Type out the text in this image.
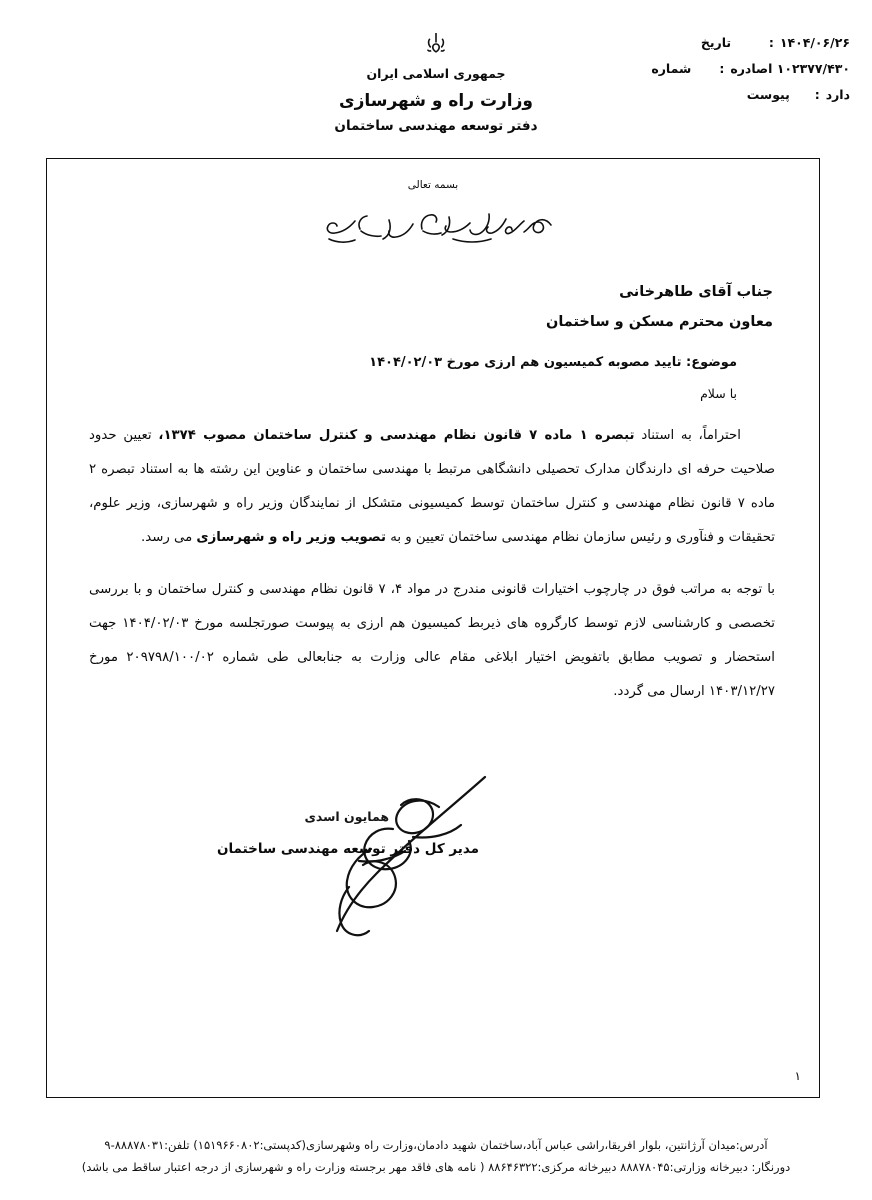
جمهوری اسلامی ایران
وزارت راه و شهرسازی
۱۴۰۴/۰۶/۲۶
:
تاریخ
۱۰۲۳۷۷/۴۳۰ اصادره
:
شماره
دارد
:
پیوست
دفتر توسعه مهندسی ساختمان
بسمه تعالی
جناب آقای طاهرخانی
معاون محترم مسکن و ساختمان
موضوع: تایید مصوبه کمیسیون هم ارزی مورخ ۱۴۰۴/۰۲/۰۳
با سلام
احتراماً، به استناد تبصره ۱ ماده ۷ قانون نظام مهندسی و کنترل ساختمان مصوب ۱۳۷۴، تعیین حدود صلاحیت حرفه ای دارندگان مدارک تحصیلی دانشگاهی مرتبط با مهندسی ساختمان و عناوین این رشته ها به استناد تبصره ۲ ماده ۷ قانون نظام مهندسی و کنترل ساختمان توسط کمیسیونی متشکل از نمایندگان وزیر راه و شهرسازی، وزیر علوم، تحقیقات و فنآوری و رئیس سازمان نظام مهندسی ساختمان تعیین و به تصویب وزیر راه و شهرسازی می رسد.
با توجه به مراتب فوق در چارچوب اختیارات قانونی مندرج در مواد ۴، ۷ قانون نظام مهندسی و کنترل ساختمان و با بررسی تخصصی و کارشناسی لازم توسط کارگروه های ذیربط کمیسیون هم ارزی به پیوست صورتجلسه مورخ ۱۴۰۴/۰۲/۰۳ جهت استحضار و تصویب مطابق باتفویض اختیار ابلاغی مقام عالی وزارت به جنابعالی طی شماره ۲۰۹۷۹۸/۱۰۰/۰۲ مورخ ۱۴۰۳/۱۲/۲۷ ارسال می گردد.
همایون اسدی
مدیر کل دفتر توسعه مهندسی ساختمان
۱
آدرس:میدان آرژانتین، بلوار افریقا،راشی عباس آباد،ساختمان شهید دادمان،وزارت راه وشهرسازی(کدپستی:۱۵۱۹۶۶۰۸۰۲) تلفن:۸۸۸۷۸۰۳۱-۹
دورنگار: دبیرخانه وزارتی:۸۸۸۷۸۰۴۵ دبیرخانه مرکزی:۸۸۶۴۶۳۲۲ ( نامه های فاقد مهر برجسته وزارت راه و شهرسازی از درجه اعتبار ساقط می باشد)
